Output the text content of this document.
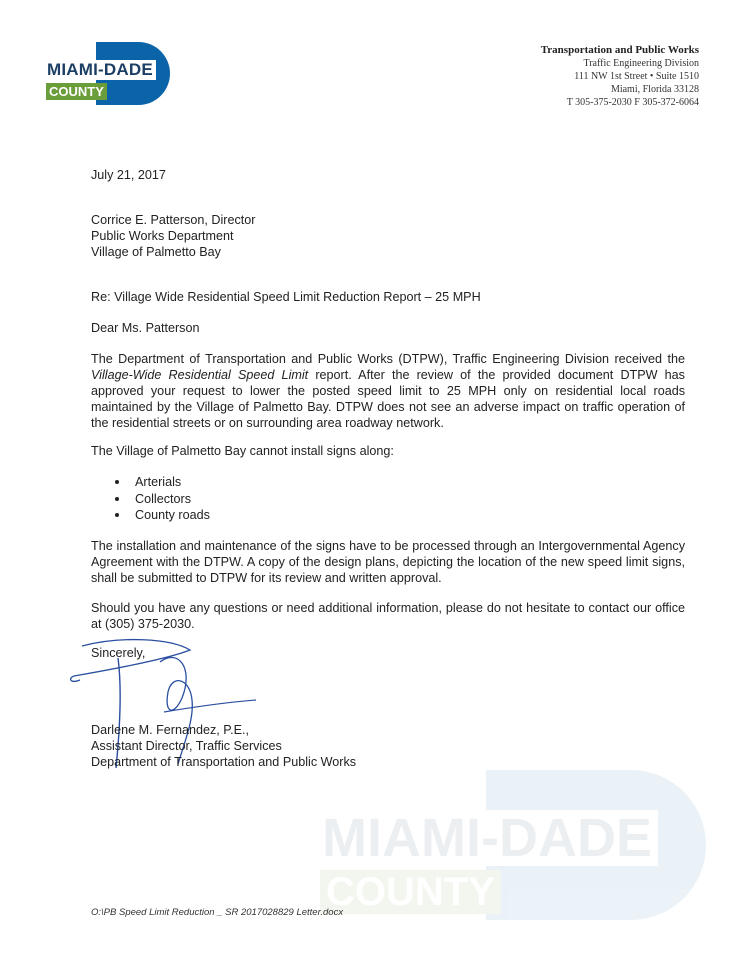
MIAMI-DADE
COUNTY
MIAMI-DADE
COUNTY
Transportation and Public Works
Traffic Engineering Division
111 NW 1st Street • Suite 1510
Miami, Florida 33128
T 305-375-2030 F 305-372-6064
July 21, 2017
Corrice E. Patterson, Director
Public Works Department
Village of Palmetto Bay
Re: Village Wide Residential Speed Limit Reduction Report – 25 MPH
Dear Ms. Patterson
The Department of Transportation and Public Works (DTPW), Traffic Engineering Division received the Village-Wide Residential Speed Limit report. After the review of the provided document DTPW has approved your request to lower the posted speed limit to 25 MPH only on residential local roads maintained by the Village of Palmetto Bay. DTPW does not see an adverse impact on traffic operation of the residential streets or on surrounding area roadway network.
The Village of Palmetto Bay cannot install signs along:
Arterials
Collectors
County roads
The installation and maintenance of the signs have to be processed through an Intergovernmental Agency Agreement with the DTPW. A copy of the design plans, depicting the location of the new speed limit signs, shall be submitted to DTPW for its review and written approval.
Should you have any questions or need additional information, please do not hesitate to contact our office at (305) 375-2030.
Sincerely,
Darlene M. Fernandez, P.E.,
Assistant Director, Traffic Services
Department of Transportation and Public Works
O:\PB Speed Limit Reduction _ SR 2017028829 Letter.docx
